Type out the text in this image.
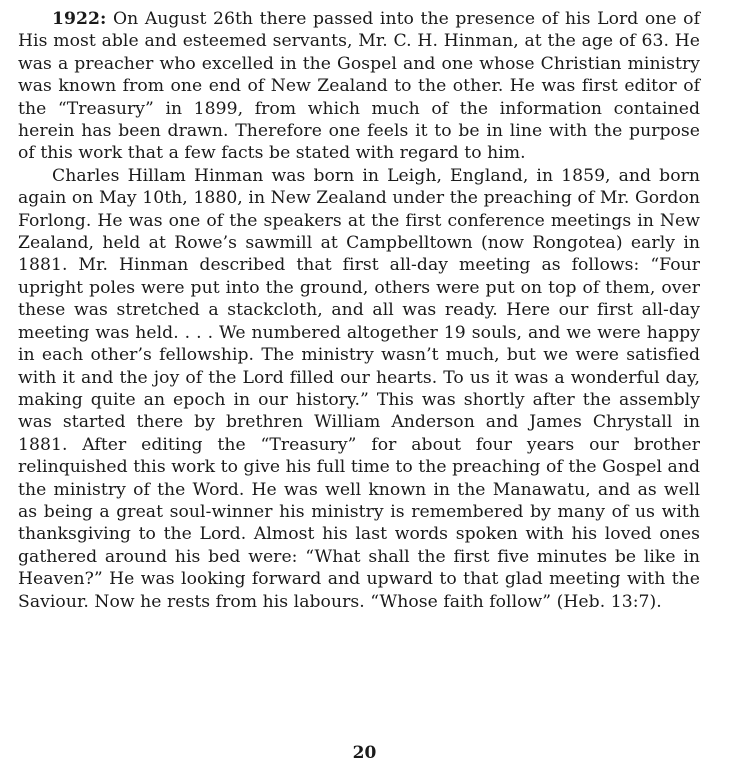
1922: On August 26th there passed into the presence of his Lord one of His most able and esteemed servants, Mr. C. H. Hinman, at the age of 63. He was a preacher who excelled in the Gospel and one whose Christian ministry was known from one end of New Zealand to the other. He was first editor of the “Treasury” in 1899, from which much of the information contained herein has been drawn. Therefore one feels it to be in line with the purpose of this work that a few facts be stated with regard to him.

Charles Hillam Hinman was born in Leigh, England, in 1859, and born again on May 10th, 1880, in New Zealand under the preaching of Mr. Gordon Forlong. He was one of the speakers at the first conference meetings in New Zealand, held at Rowe’s sawmill at Campbelltown (now Rongotea) early in 1881. Mr. Hinman described that first all-day meeting as follows: “Four upright poles were put into the ground, others were put on top of them, over these was stretched a stackcloth, and all was ready. Here our first all-day meeting was held. . . . We numbered altogether 19 souls, and we were happy in each other’s fellowship. The ministry wasn’t much, but we were satisfied with it and the joy of the Lord filled our hearts. To us it was a wonderful day, making quite an epoch in our history.” This was shortly after the assembly was started there by brethren William Anderson and James Chrystall in 1881. After editing the “Treasury” for about four years our brother relinquished this work to give his full time to the preaching of the Gospel and the ministry of the Word. He was well known in the Manawatu, and as well as being a great soul-winner his ministry is remembered by many of us with thanksgiving to the Lord. Almost his last words spoken with his loved ones gathered around his bed were: “What shall the first five minutes be like in Heaven?” He was looking forward and upward to that glad meeting with the Saviour. Now he rests from his labours. “Whose faith follow” (Heb. 13:7).

20
